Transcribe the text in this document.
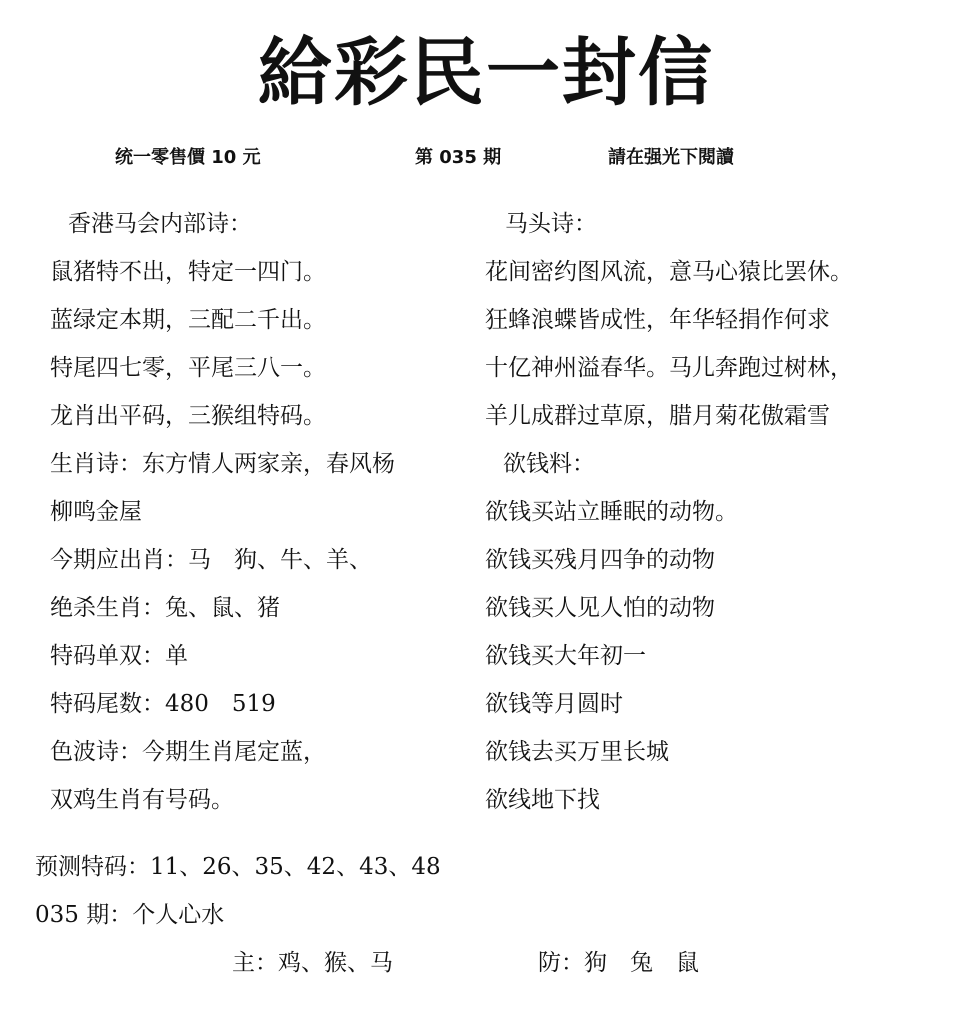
給彩民一封信
统一零售價 10 元	第 035 期	請在强光下閱讀
香港马会内部诗：
鼠猪特不出，特定一四门。
蓝绿定本期，三配二千出。
特尾四七零，平尾三八一。
龙肖出平码，三猴组特码。
生肖诗：东方情人两家亲，春风杨
柳鸣金屋
今期应出肖：马　狗、牛、羊、
绝杀生肖：兔、鼠、猪
特码单双：单
特码尾数：480　519
色波诗：今期生肖尾定蓝，
双鸡生肖有号码。
马头诗：
花间密约图风流，意马心猿比罢休。
狂蜂浪蝶皆成性，年华轻捐作何求
十亿神州溢春华。马儿奔跑过树林，
羊儿成群过草原，腊月菊花傲霜雪
欲钱料：
欲钱买站立睡眠的动物。
欲钱买残月四争的动物
欲钱买人见人怕的动物
欲钱买大年初一
欲钱等月圆时
欲钱去买万里长城
欲线地下找
预测特码：11、26、35、42、43、48
035 期：个人心水
主：鸡、猴、马	防：狗　兔　鼠
